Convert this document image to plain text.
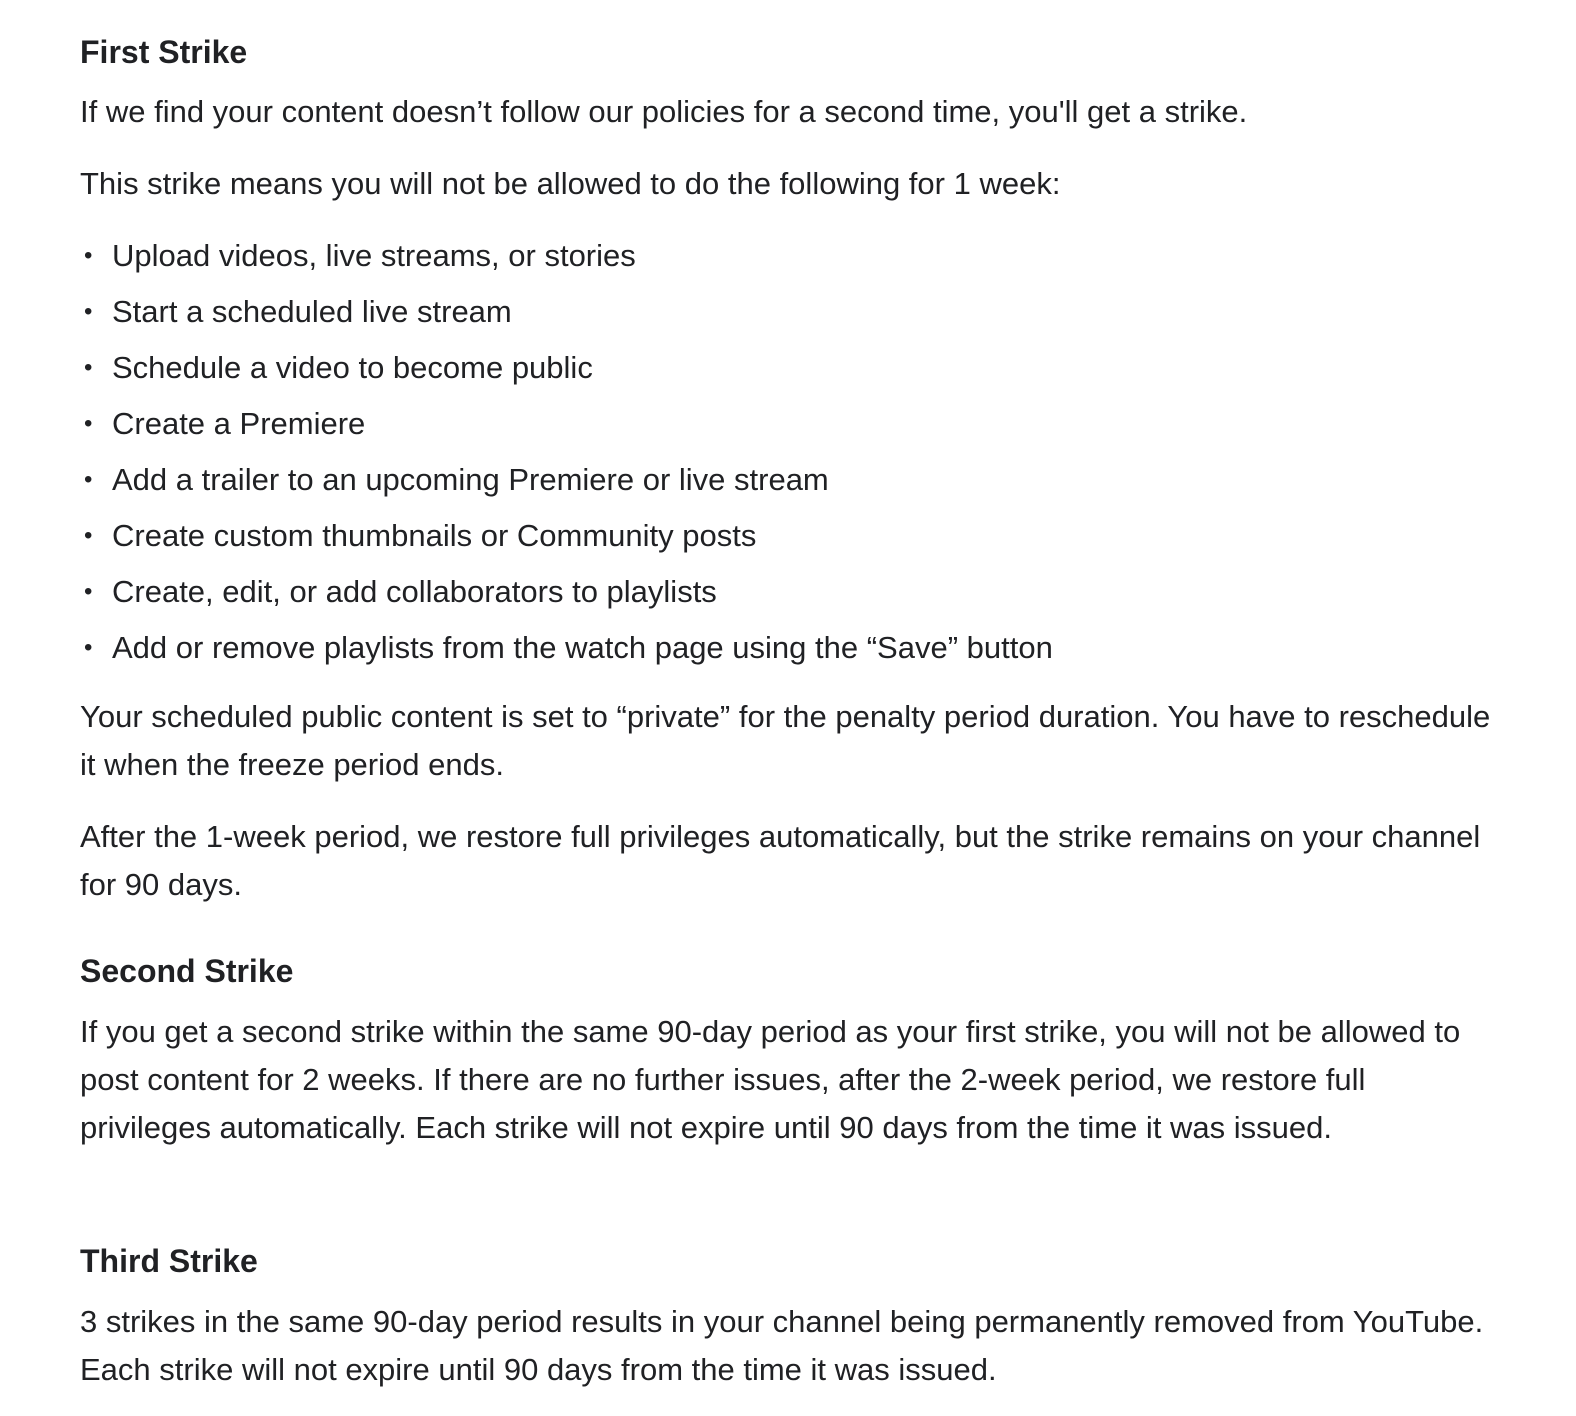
First Strike

If we find your content doesn’t follow our policies for a second time, you'll get a strike.

This strike means you will not be allowed to do the following for 1 week:

• Upload videos, live streams, or stories
• Start a scheduled live stream
• Schedule a video to become public
• Create a Premiere
• Add a trailer to an upcoming Premiere or live stream
• Create custom thumbnails or Community posts
• Create, edit, or add collaborators to playlists
• Add or remove playlists from the watch page using the “Save” button

Your scheduled public content is set to “private” for the penalty period duration. You have to reschedule it when the freeze period ends.

After the 1-week period, we restore full privileges automatically, but the strike remains on your channel for 90 days.

Second Strike

If you get a second strike within the same 90-day period as your first strike, you will not be allowed to post content for 2 weeks. If there are no further issues, after the 2-week period, we restore full privileges automatically. Each strike will not expire until 90 days from the time it was issued.

Third Strike

3 strikes in the same 90-day period results in your channel being permanently removed from YouTube. Each strike will not expire until 90 days from the time it was issued.
